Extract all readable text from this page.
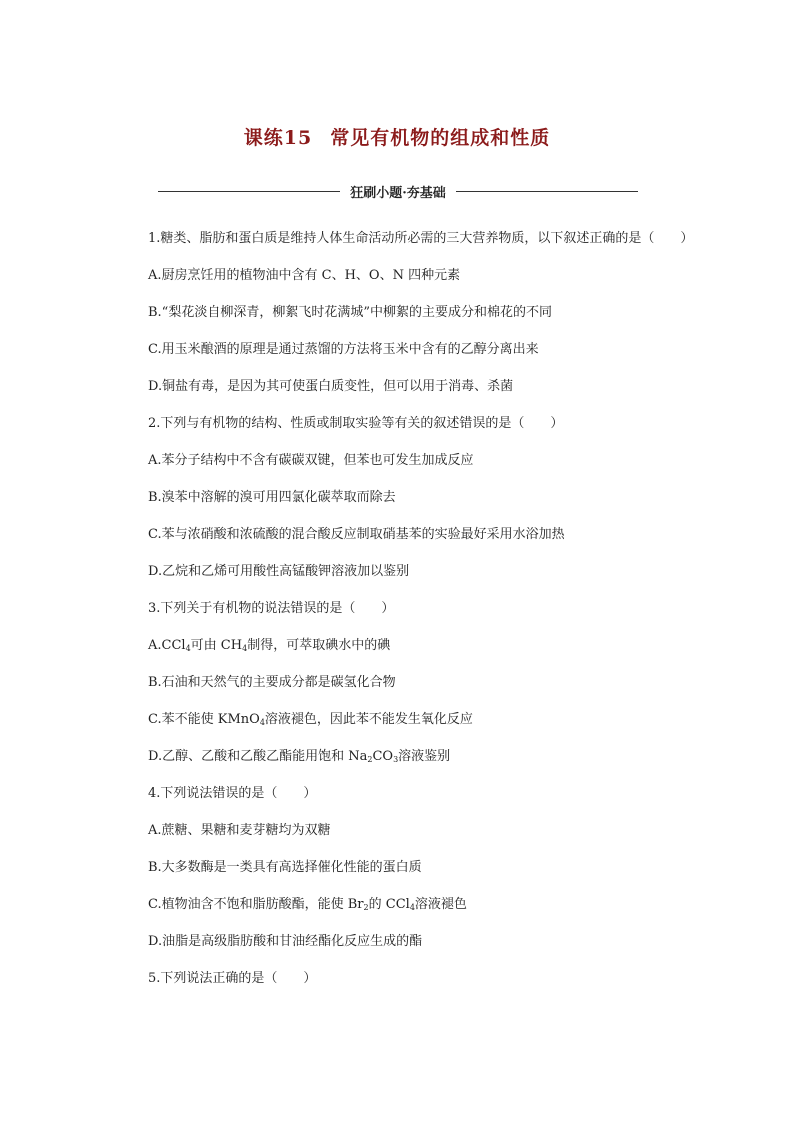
课练15 常见有机物的组成和性质
狂刷小题·夯基础
1.糖类、脂肪和蛋白质是维持人体生命活动所必需的三大营养物质，以下叙述正确的是（　　）
A.厨房烹饪用的植物油中含有 C、H、O、N 四种元素
B.“梨花淡自柳深青，柳絮飞时花满城”中柳絮的主要成分和棉花的不同
C.用玉米酿酒的原理是通过蒸馏的方法将玉米中含有的乙醇分离出来
D.铜盐有毒，是因为其可使蛋白质变性，但可以用于消毒、杀菌
2.下列与有机物的结构、性质或制取实验等有关的叙述错误的是（　　）
A.苯分子结构中不含有碳碳双键，但苯也可发生加成反应
B.溴苯中溶解的溴可用四氯化碳萃取而除去
C.苯与浓硝酸和浓硫酸的混合酸反应制取硝基苯的实验最好采用水浴加热
D.乙烷和乙烯可用酸性高锰酸钾溶液加以鉴别
3.下列关于有机物的说法错误的是（　　）
A.CCl$_4$可由 $CH_4$制得，可萃取碘水中的碘
B.石油和天然气的主要成分都是碳氢化合物
C.苯不能使 KMnO$_4$溶液褪色，因此苯不能发生氧化反应
D.乙醇、乙酸和乙酸乙酯能用饱和 $Na_2CO_3$溶液鉴别
4.下列说法错误的是（　　）
A.蔗糖、果糖和麦芽糖均为双糖
B.大多数酶是一类具有高选择催化性能的蛋白质
C.植物油含不饱和脂肪酸酯，能使 $Br_2$的 CCl$_4$溶液褪色
D.油脂是高级脂肪酸和甘油经酯化反应生成的酯
5.下列说法正确的是（　　）
